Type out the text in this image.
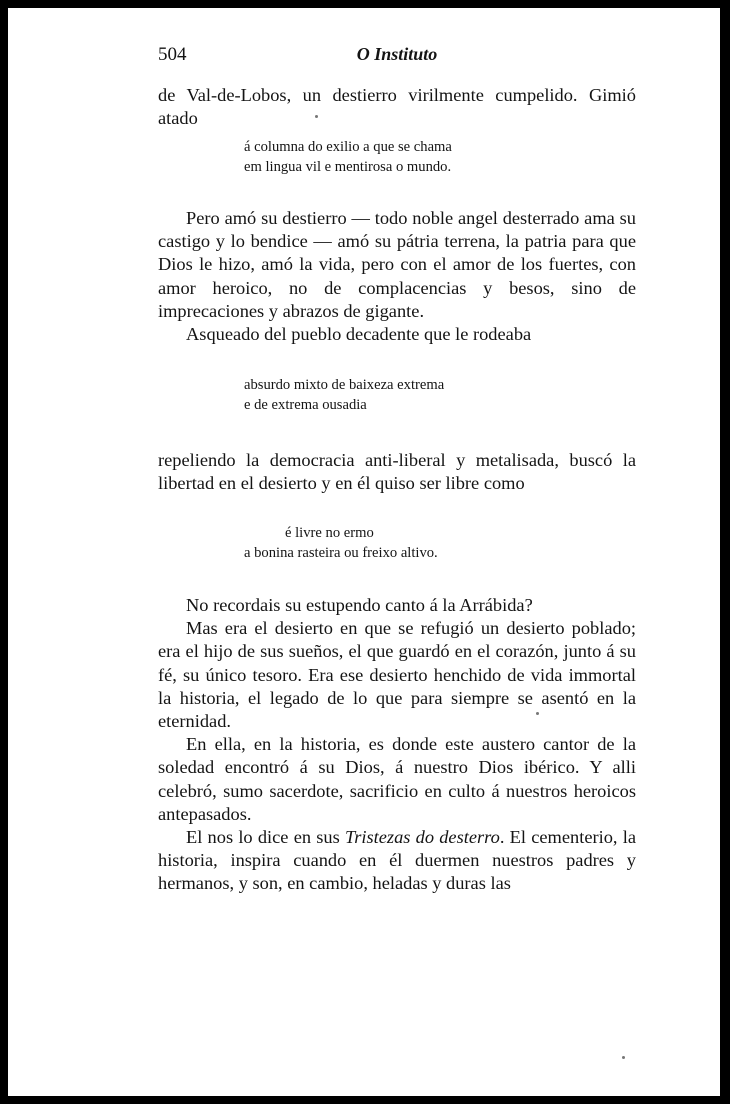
504	O Instituto

de Val-de-Lobos, un destierro virilmente cumpelido. Gimió atado

á columna do exilio a que se chama
em lingua vil e mentirosa o mundo.

Pero amó su destierro — todo noble angel desterrado ama su castigo y lo bendice — amó su pátria terrena, la patria para que Dios le hizo, amó la vida, pero con el amor de los fuertes, con amor heroico, no de complacencias y besos, sino de imprecaciones y abrazos de gigante.

Asqueado del pueblo decadente que le rodeaba

absurdo mixto de baixeza extrema
e de extrema ousadia

repeliendo la democracia anti-liberal y metalisada, buscó la libertad en el desierto y en él quiso ser libre como

é livre no ermo
a bonina rasteira ou freixo altivo.

No recordais su estupendo canto á la Arrábida?

Mas era el desierto en que se refugió un desierto poblado; era el hijo de sus sueños, el que guardó en el corazón, junto á su fé, su único tesoro. Era ese desierto henchido de vida immortal la historia, el legado de lo que para siempre se asentó en la eternidad.

En ella, en la historia, es donde este austero cantor de la soledad encontró á su Dios, á nuestro Dios ibérico. Y alli celebró, sumo sacerdote, sacrificio en culto á nuestros heroicos antepasados.

El nos lo dice en sus Tristezas do desterro. El cementerio, la historia, inspira cuando en él duermen nuestros padres y hermanos, y son, en cambio, heladas y duras las
